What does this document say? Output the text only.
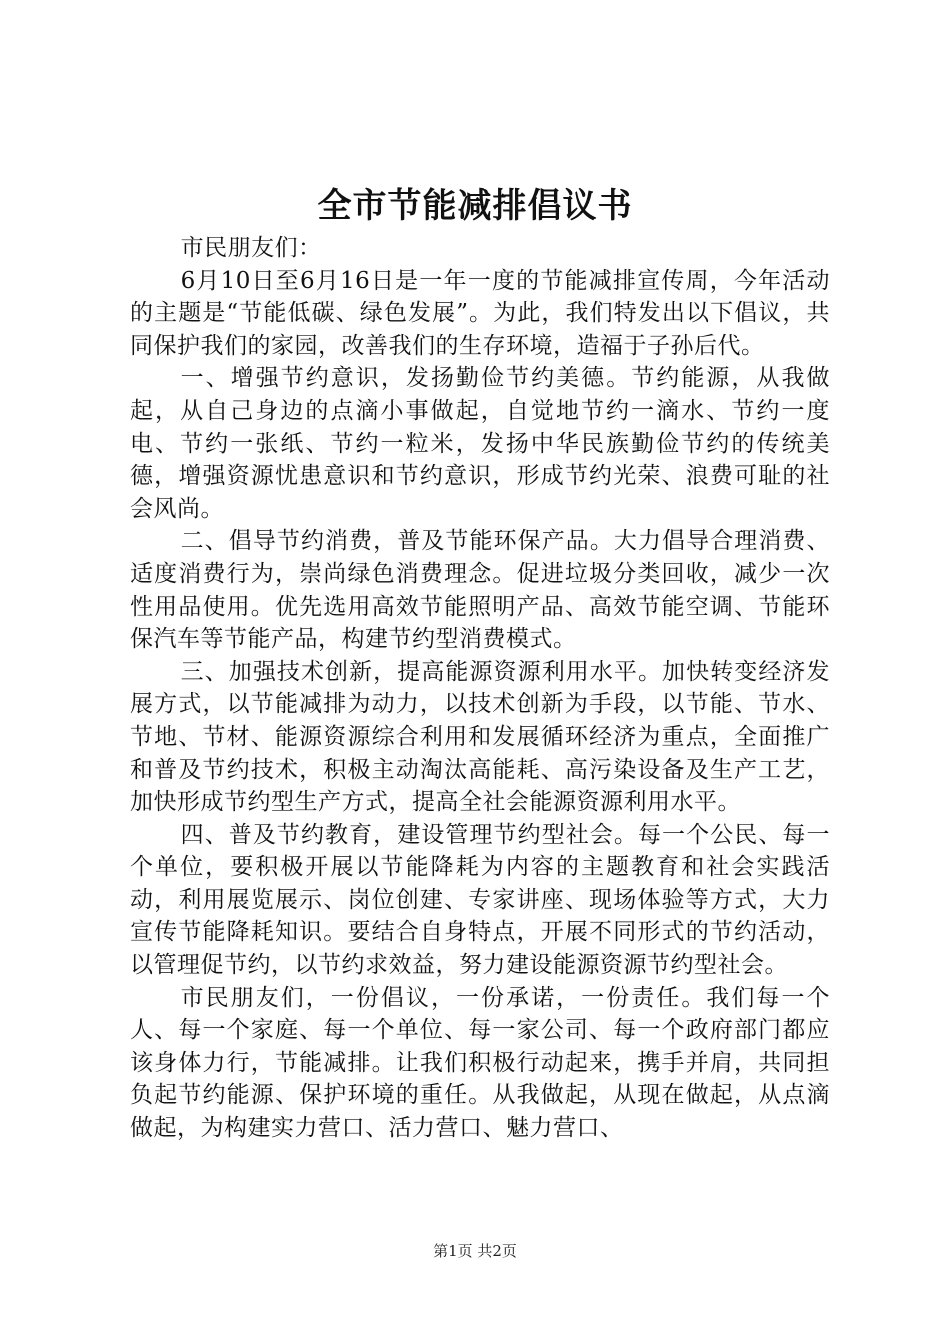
全市节能减排倡议书

市民朋友们：

6月10日至6月16日是一年一度的节能减排宣传周，今年活动的主题是“节能低碳、绿色发展”。为此，我们特发出以下倡议，共同保护我们的家园，改善我们的生存环境，造福于子孙后代。

一、增强节约意识，发扬勤俭节约美德。节约能源，从我做起，从自己身边的点滴小事做起，自觉地节约一滴水、节约一度电、节约一张纸、节约一粒米，发扬中华民族勤俭节约的传统美德，增强资源忧患意识和节约意识，形成节约光荣、浪费可耻的社会风尚。

二、倡导节约消费，普及节能环保产品。大力倡导合理消费、适度消费行为，崇尚绿色消费理念。促进垃圾分类回收，减少一次性用品使用。优先选用高效节能照明产品、高效节能空调、节能环保汽车等节能产品，构建节约型消费模式。

三、加强技术创新，提高能源资源利用水平。加快转变经济发展方式，以节能减排为动力，以技术创新为手段，以节能、节水、节地、节材、能源资源综合利用和发展循环经济为重点，全面推广和普及节约技术，积极主动淘汰高能耗、高污染设备及生产工艺，加快形成节约型生产方式，提高全社会能源资源利用水平。

四、普及节约教育，建设管理节约型社会。每一个公民、每一个单位，要积极开展以节能降耗为内容的主题教育和社会实践活动，利用展览展示、岗位创建、专家讲座、现场体验等方式，大力宣传节能降耗知识。要结合自身特点，开展不同形式的节约活动，以管理促节约，以节约求效益，努力建设能源资源节约型社会。

市民朋友们，一份倡议，一份承诺，一份责任。我们每一个人、每一个家庭、每一个单位、每一家公司、每一个政府部门都应该身体力行，节能减排。让我们积极行动起来，携手并肩，共同担负起节约能源、保护环境的重任。从我做起，从现在做起，从点滴做起，为构建实力营口、活力营口、魅力营口、

第1页 共2页
